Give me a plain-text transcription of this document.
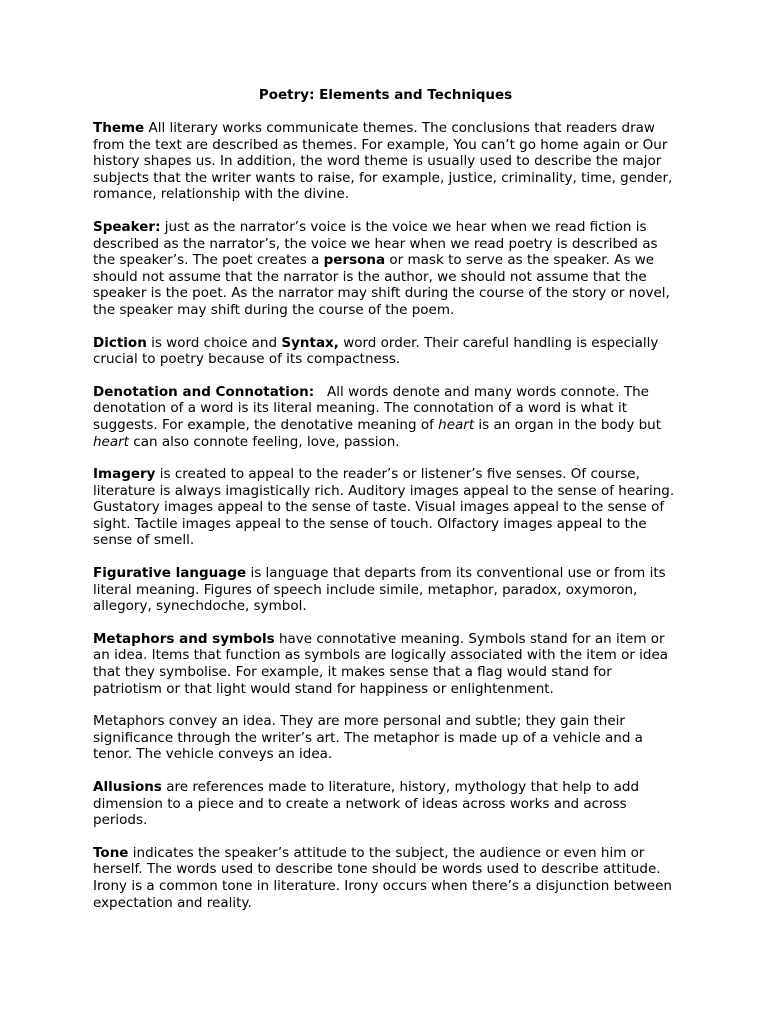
Poetry: Elements and Techniques

Theme All literary works communicate themes. The conclusions that readers draw from the text are described as themes. For example, You can’t go home again or Our history shapes us. In addition, the word theme is usually used to describe the major subjects that the writer wants to raise, for example, justice, criminality, time, gender, romance, relationship with the divine.

Speaker: just as the narrator’s voice is the voice we hear when we read fiction is described as the narrator’s, the voice we hear when we read poetry is described as the speaker’s. The poet creates a persona or mask to serve as the speaker. As we should not assume that the narrator is the author, we should not assume that the speaker is the poet. As the narrator may shift during the course of the story or novel, the speaker may shift during the course of the poem.

Diction is word choice and Syntax, word order. Their careful handling is especially crucial to poetry because of its compactness.

Denotation and Connotation:   All words denote and many words connote. The denotation of a word is its literal meaning. The connotation of a word is what it suggests. For example, the denotative meaning of heart is an organ in the body but heart can also connote feeling, love, passion.

Imagery is created to appeal to the reader’s or listener’s five senses. Of course, literature is always imagistically rich. Auditory images appeal to the sense of hearing. Gustatory images appeal to the sense of taste. Visual images appeal to the sense of sight. Tactile images appeal to the sense of touch. Olfactory images appeal to the sense of smell.

Figurative language is language that departs from its conventional use or from its literal meaning. Figures of speech include simile, metaphor, paradox, oxymoron, allegory, synechdoche, symbol.

Metaphors and symbols have connotative meaning. Symbols stand for an item or an idea. Items that function as symbols are logically associated with the item or idea that they symbolise. For example, it makes sense that a flag would stand for patriotism or that light would stand for happiness or enlightenment.

Metaphors convey an idea. They are more personal and subtle; they gain their significance through the writer’s art. The metaphor is made up of a vehicle and a tenor. The vehicle conveys an idea.

Allusions are references made to literature, history, mythology that help to add dimension to a piece and to create a network of ideas across works and across periods.

Tone indicates the speaker’s attitude to the subject, the audience or even him or herself. The words used to describe tone should be words used to describe attitude. Irony is a common tone in literature. Irony occurs when there’s a disjunction between expectation and reality.
